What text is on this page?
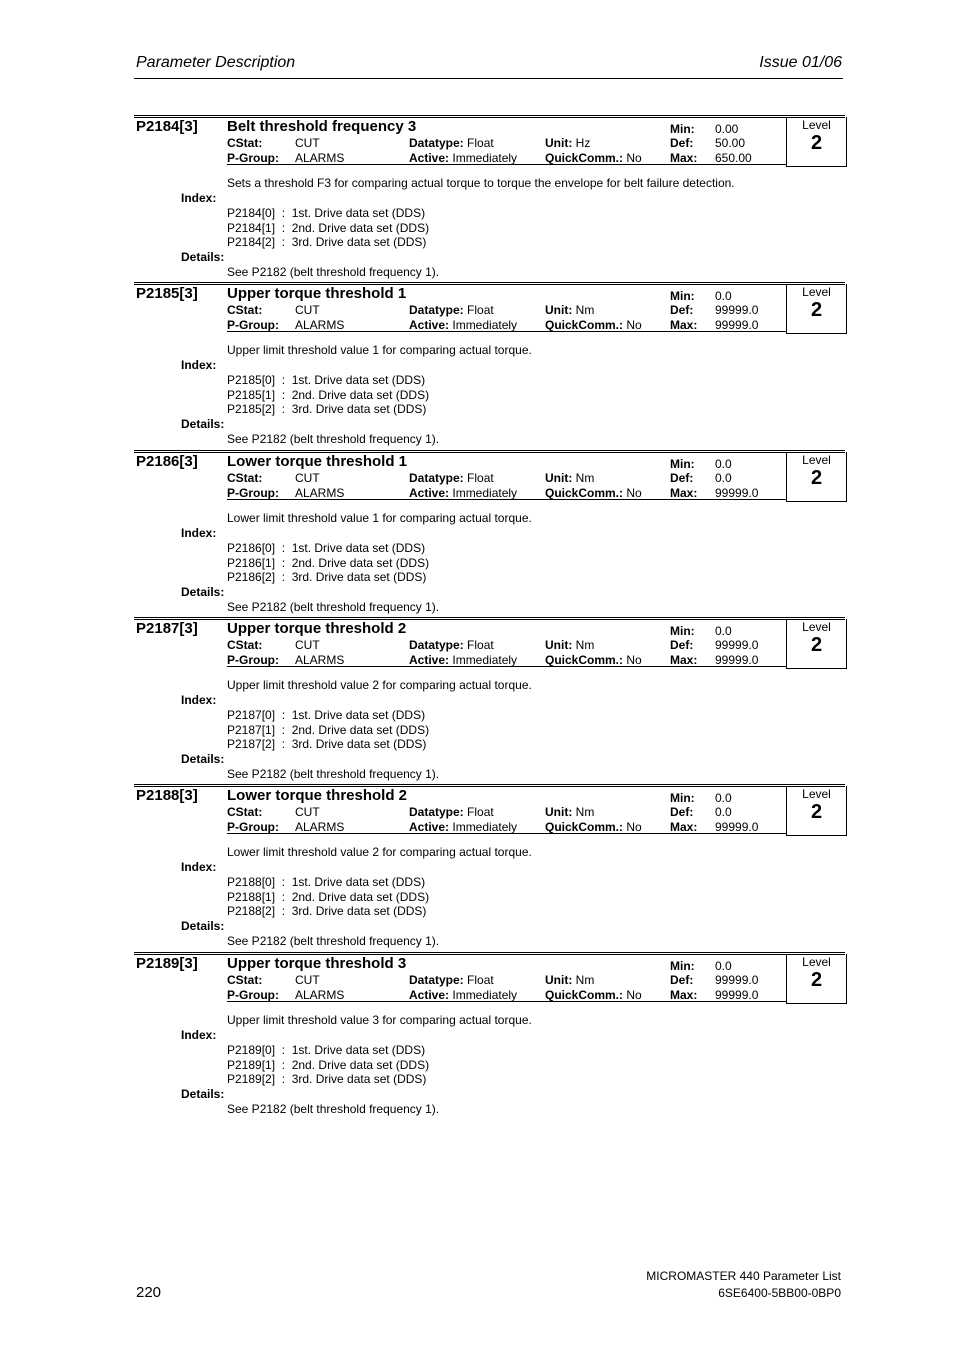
Parameter Description	Issue 01/06
P2184[3] Belt threshold frequency 3
CStat:	CUT	Datatype: Float	Unit: Hz
Min: 0.00
Def: 50.00
P-Group: ALARMS	Active: Immediately QuickComm.: No Max: 650.00
Level
2
Sets a threshold F3 for comparing actual torque to torque the envelope for belt failure detection.
Index:
P2184[0]  :  1st. Drive data set (DDS)
P2184[1]  :  2nd. Drive data set (DDS)
P2184[2]  :  3rd. Drive data set (DDS)
Details:
See P2182 (belt threshold frequency 1).
P2185[3] Upper torque threshold 1
CStat:	CUT	Datatype: Float	Unit: Nm
Min: 0.0
Def: 99999.0
P-Group: ALARMS	Active: Immediately QuickComm.: No Max: 99999.0
Level
2
Upper limit threshold value 1 for comparing actual torque.
Index:
P2185[0]  :  1st. Drive data set (DDS)
P2185[1]  :  2nd. Drive data set (DDS)
P2185[2]  :  3rd. Drive data set (DDS)
Details:
See P2182 (belt threshold frequency 1).
P2186[3] Lower torque threshold 1
CStat:	CUT	Datatype: Float	Unit: Nm
Min: 0.0
Def: 0.0
P-Group: ALARMS	Active: Immediately QuickComm.: No Max: 99999.0
Level
2
Lower limit threshold value 1 for comparing actual torque.
Index:
P2186[0]  :  1st. Drive data set (DDS)
P2186[1]  :  2nd. Drive data set (DDS)
P2186[2]  :  3rd. Drive data set (DDS)
Details:
See P2182 (belt threshold frequency 1).
P2187[3] Upper torque threshold 2
CStat:	CUT	Datatype: Float	Unit: Nm
Min: 0.0
Def: 99999.0
P-Group: ALARMS	Active: Immediately QuickComm.: No Max: 99999.0
Level
2
Upper limit threshold value 2 for comparing actual torque.
Index:
P2187[0]  :  1st. Drive data set (DDS)
P2187[1]  :  2nd. Drive data set (DDS)
P2187[2]  :  3rd. Drive data set (DDS)
Details:
See P2182 (belt threshold frequency 1).
P2188[3] Lower torque threshold 2
CStat:	CUT	Datatype: Float	Unit: Nm
Min: 0.0
Def: 0.0
P-Group: ALARMS	Active: Immediately QuickComm.: No Max: 99999.0
Level
2
Lower limit threshold value 2 for comparing actual torque.
Index:
P2188[0]  :  1st. Drive data set (DDS)
P2188[1]  :  2nd. Drive data set (DDS)
P2188[2]  :  3rd. Drive data set (DDS)
Details:
See P2182 (belt threshold frequency 1).
P2189[3] Upper torque threshold 3
CStat:	CUT	Datatype: Float	Unit: Nm
Min: 0.0
Def: 99999.0
P-Group: ALARMS	Active: Immediately QuickComm.: No Max: 99999.0
Level
2
Upper limit threshold value 3 for comparing actual torque.
Index:
P2189[0]  :  1st. Drive data set (DDS)
P2189[1]  :  2nd. Drive data set (DDS)
P2189[2]  :  3rd. Drive data set (DDS)
Details:
See P2182 (belt threshold frequency 1).
220
MICROMASTER 440 Parameter List
6SE6400-5BB00-0BP0
